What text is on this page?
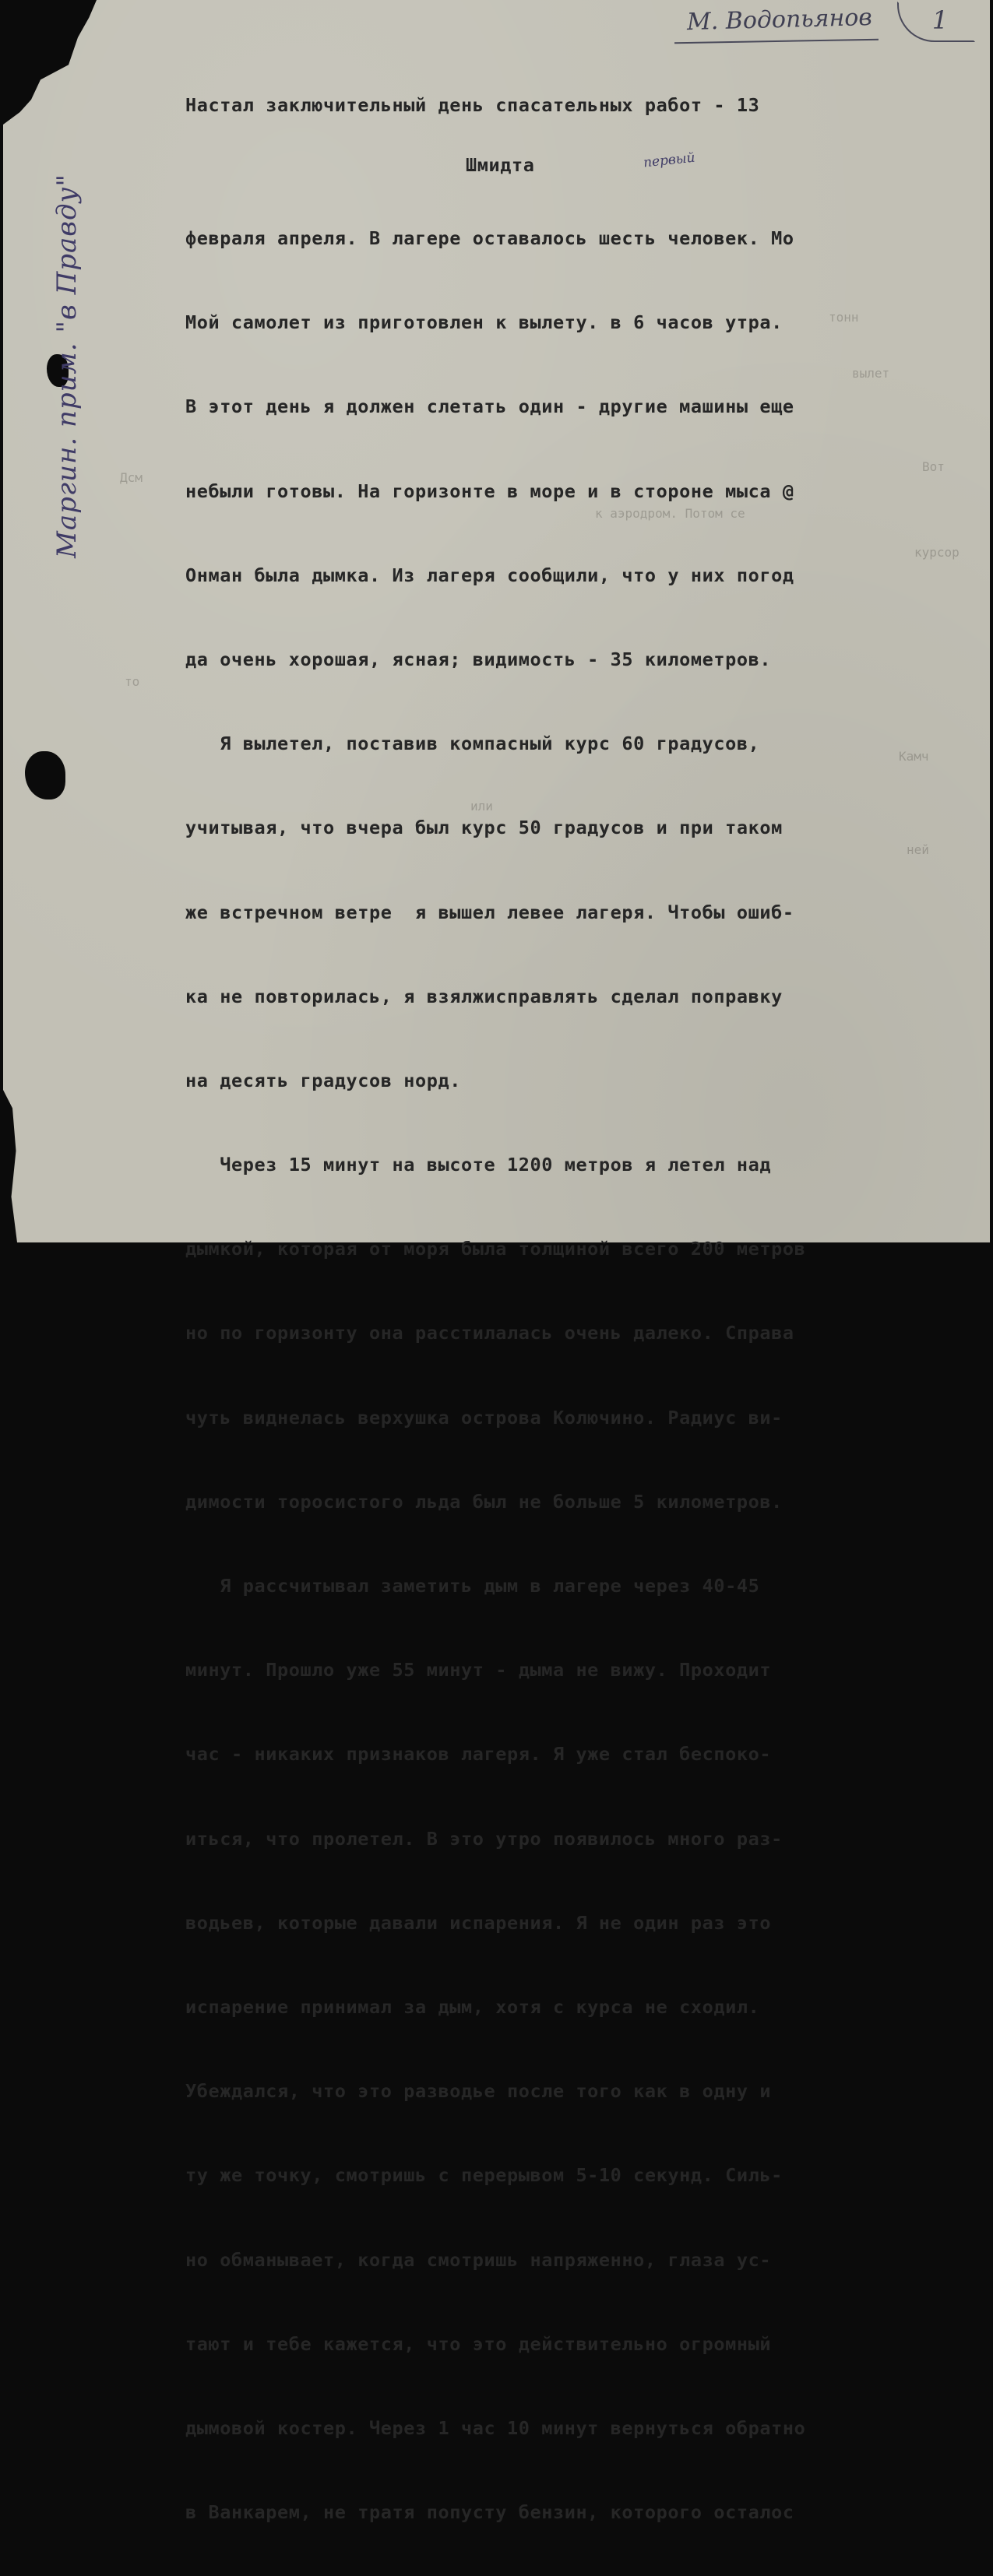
тонн
вылет
Вот
Дсм
к аэродром. Потом се
курсор
то
Камч
или
ней
М. Водопьянов	1
Маргин. прим. "в Правду"
первый

Настал заключительный день спасательных работ - 13

Шмидта

февраля апреля. В лагере оставалось шесть человек. Мо

Мой самолет из приготовлен к вылету. в 6 часов утра.

В этот день я должен слетать один - другие машины еще

небыли готовы. На горизонте в море и в стороне мыса @

Онман была дымка. Из лагеря сообщили, что у них погод

да очень хорошая, ясная; видимость - 35 километров.

Я вылетел, поставив компасный курс 60 градусов,

учитывая, что вчера был курс 50 градусов и при таком

же встречном ветре  я вышел левее лагеря. Чтобы ошиб-

ка не повторилась, я взялжисправлять сделал поправку

на десять градусов норд.

Через 15 минут на высоте 1200 метров я летел над

дымкой, которая от моря была толщиной всего 200 метров

но по горизонту она расстилалась очень далеко. Справа

чуть виднелась верхушка острова Колючино. Радиус ви-

димости торосистого льда был не больше 5 километров.

Я рассчитывал заметить дым в лагере через 40-45

минут. Прошло уже 55 минут - дыма не вижу. Проходит

час - никаких признаков лагеря. Я уже стал беспоко-

иться, что пролетел. В это утро появилось много раз-

водьев, которые давали испарения. Я не один раз это

испарение принимал за дым, хотя с курса не сходил.

Убеждался, что это разводье после того как в одну и

ту же точку, смотришь с перерывом 5-10 секунд. Силь-

но обманывает, когда смотришь напряженно, глаза ус-

тают и тебе кажется, что это действительно огромный

дымовой костер. Через 1 час 10 минут вернуться обратно

в Ванкарем, не тратя попусту бензин, которого осталос
